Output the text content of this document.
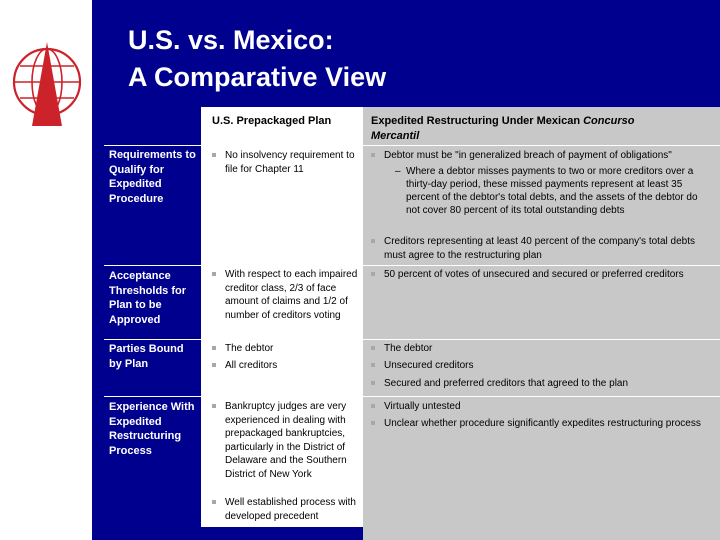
U.S. vs. Mexico:
A Comparative View
U.S. Prepackaged Plan	Expedited Restructuring Under Mexican Concurso
Mercantil
Requirements to Qualify for Expedited Procedure
Acceptance Thresholds for Plan to be Approved
Parties Bound by Plan
Experience With Expedited Restructuring Process
No insolvency requirement to file for Chapter 11
Debtor must be "in generalized breach of payment of obligations"
– Where a debtor misses payments to two or more creditors over a thirty-day period, these missed payments represent at least 35 percent of the debtor's total debts, and the assets of the debtor do not cover 80 percent of its total outstanding debts
Creditors representing at least 40 percent of the company's total debts must agree to the restructuring plan
With respect to each impaired creditor class, 2/3 of face amount of claims and 1/2 of number of creditors voting
50 percent of votes of unsecured and secured or preferred creditors
The debtor
All creditors
The debtor
Unsecured creditors
Secured and preferred creditors that agreed to the plan
Bankruptcy judges are very experienced in dealing with prepackaged bankruptcies, particularly in the District of Delaware and the Southern District of New York
Well established process with developed precedent
Virtually untested
Unclear whether procedure significantly expedites restructuring process
